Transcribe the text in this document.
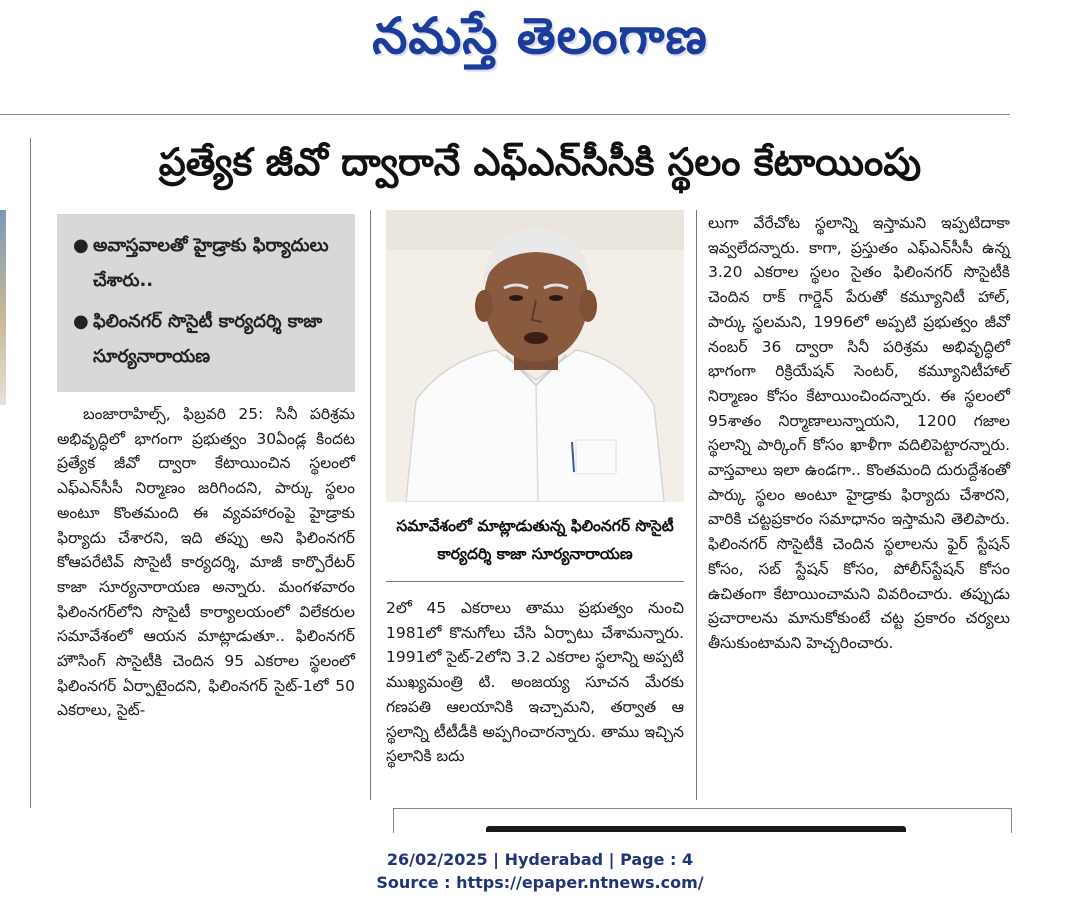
నమస్తే తెలంగాణ
ప్రత్యేక జీవో ద్వారానే ఎఫ్‌ఎన్‌సీసీకి స్థలం కేటాయింపు
● అవాస్తవాలతో హైడ్రాకు ఫిర్యాదులు చేశారు..
● ఫిలింనగర్ సొసైటీ కార్యదర్శి కాజా సూర్యనారాయణ
బంజారాహిల్స్, ఫిబ్రవరి 25: సినీ పరిశ్రమ అభివృద్ధిలో భాగంగా ప్రభుత్వం 30ఏండ్ల కిందట ప్రత్యేక జీవో ద్వారా కేటాయించిన స్థలంలో ఎఫ్‌ఎన్‌సీసీ నిర్మాణం జరిగిందని, పార్కు స్థలం అంటూ కొంతమంది ఈ వ్యవహారంపై హైడ్రాకు ఫిర్యాదు చేశారని, ఇది తప్పు అని ఫిలింనగర్ కోఆపరేటివ్ సొసైటీ కార్యదర్శి, మాజీ కార్పొరేటర్ కాజా సూర్యనారాయణ అన్నారు. మంగళవారం ఫిలింనగర్‌లోని సొసైటీ కార్యాలయంలో విలేకరుల సమావేశంలో ఆయన మాట్లాడుతూ.. ఫిలింనగర్ హౌసింగ్ సొసైటీకి చెందిన 95 ఎకరాల స్థలంలో ఫిలింనగర్ ఏర్పాటైందని, ఫిలింనగర్ సైట్-1లో 50 ఎకరాలు, సైట్-
సమావేశంలో మాట్లాడుతున్న ఫిలింనగర్ సొసైటీ కార్యదర్శి కాజా సూర్యనారాయణ
2లో 45 ఎకరాలు తాము ప్రభుత్వం నుంచి 1981లో కొనుగోలు చేసి ఏర్పాటు చేశామన్నారు. 1991లో సైట్-2లోని 3.2 ఎకరాల స్థలాన్ని అప్పటి ముఖ్యమంత్రి టి. అంజయ్య సూచన మేరకు గణపతి ఆలయానికి ఇచ్చామని, తర్వాత ఆ స్థలాన్ని టీటీడీకి అప్పగించారన్నారు. తాము ఇచ్చిన స్థలానికి బదు
లుగా వేరేచోట స్థలాన్ని ఇస్తామని ఇప్పటిదాకా ఇవ్వలేదన్నారు. కాగా, ప్రస్తుతం ఎఫ్‌ఎన్‌సీసీ ఉన్న 3.20 ఎకరాల స్థలం సైతం ఫిలింనగర్ సొసైటీకి చెందిన రాక్ గార్డెన్ పేరుతో కమ్యూనిటీ హాల్, పార్కు స్థలమని, 1996లో అప్పటి ప్రభుత్వం జీవో నంబర్ 36 ద్వారా సినీ పరిశ్రమ అభివృద్ధిలో భాగంగా రిక్రియేషన్ సెంటర్, కమ్యూనిటీహాల్ నిర్మాణం కోసం కేటాయించిందన్నారు. ఈ స్థలంలో 95శాతం నిర్మాణాలున్నాయని, 1200 గజాల స్థలాన్ని పార్కింగ్ కోసం ఖాళీగా వదిలిపెట్టారన్నారు. వాస్తవాలు ఇలా ఉండగా.. కొంతమంది దురుద్దేశంతో పార్కు స్థలం అంటూ హైడ్రాకు ఫిర్యాదు చేశారని, వారికి చట్టప్రకారం సమాధానం ఇస్తామని తెలిపారు. ఫిలింనగర్ సొసైటీకి చెందిన స్థలాలను ఫైర్ స్టేషన్ కోసం, సబ్ స్టేషన్ కోసం, పోలీస్‌స్టేషన్ కోసం ఉచితంగా కేటాయించామని వివరించారు. తప్పుడు ప్రచారాలను మానుకోకుంటే చట్ట ప్రకారం చర్యలు తీసుకుంటామని హెచ్చరించారు.
26/02/2025 | Hyderabad | Page : 4
Source : https://epaper.ntnews.com/
